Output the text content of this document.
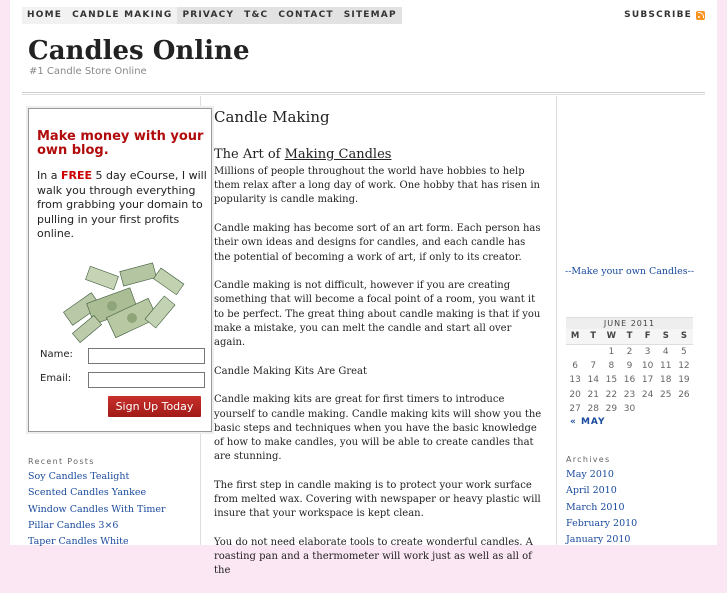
HOME	CANDLE MAKING	PRIVACY	T&C	CONTACT	SITEMAP	SUBSCRIBE
Candles Online
#1 Candle Store Online
Make money with your own blog.
In a FREE 5 day eCourse, I will walk you through everything from grabbing your domain to pulling in your first profits online.
Name:
Email:
Sign Up Today
Recent Posts
Soy Candles Tealight
Scented Candles Yankee
Window Candles With Timer
Pillar Candles 3×6
Taper Candles White
Candle Making
The Art of Making Candles

Millions of people throughout the world have hobbies to help them relax after a long day of work. One hobby that has risen in popularity is candle making.

Candle making has become sort of an art form. Each person has their own ideas and designs for candles, and each candle has the potential of becoming a work of art, if only to its creator.

Candle making is not difficult, however if you are creating something that will become a focal point of a room, you want it to be perfect. The great thing about candle making is that if you make a mistake, you can melt the candle and start all over again.

Candle Making Kits Are Great

Candle making kits are great for first timers to introduce yourself to candle making. Candle making kits will show you the basic steps and techniques when you have the basic knowledge of how to make candles, you will be able to create candles that are stunning.

The first step in candle making is to protect your work surface from melted wax. Covering with newspaper or heavy plastic will insure that your workspace is kept clean.

You do not need elaborate tools to create wonderful candles. A roasting pan and a thermometer will work just as well as all of the

--Make your own Candles--
JUNE 2011
M	T	W	T	F	S	S
		1	2	3	4	5
6	7	8	9	10	11	12
13	14	15	16	17	18	19
20	21	22	23	24	25	26
27	28	29	30			
« MAY
Archives
May 2010
April 2010
March 2010
February 2010
January 2010
